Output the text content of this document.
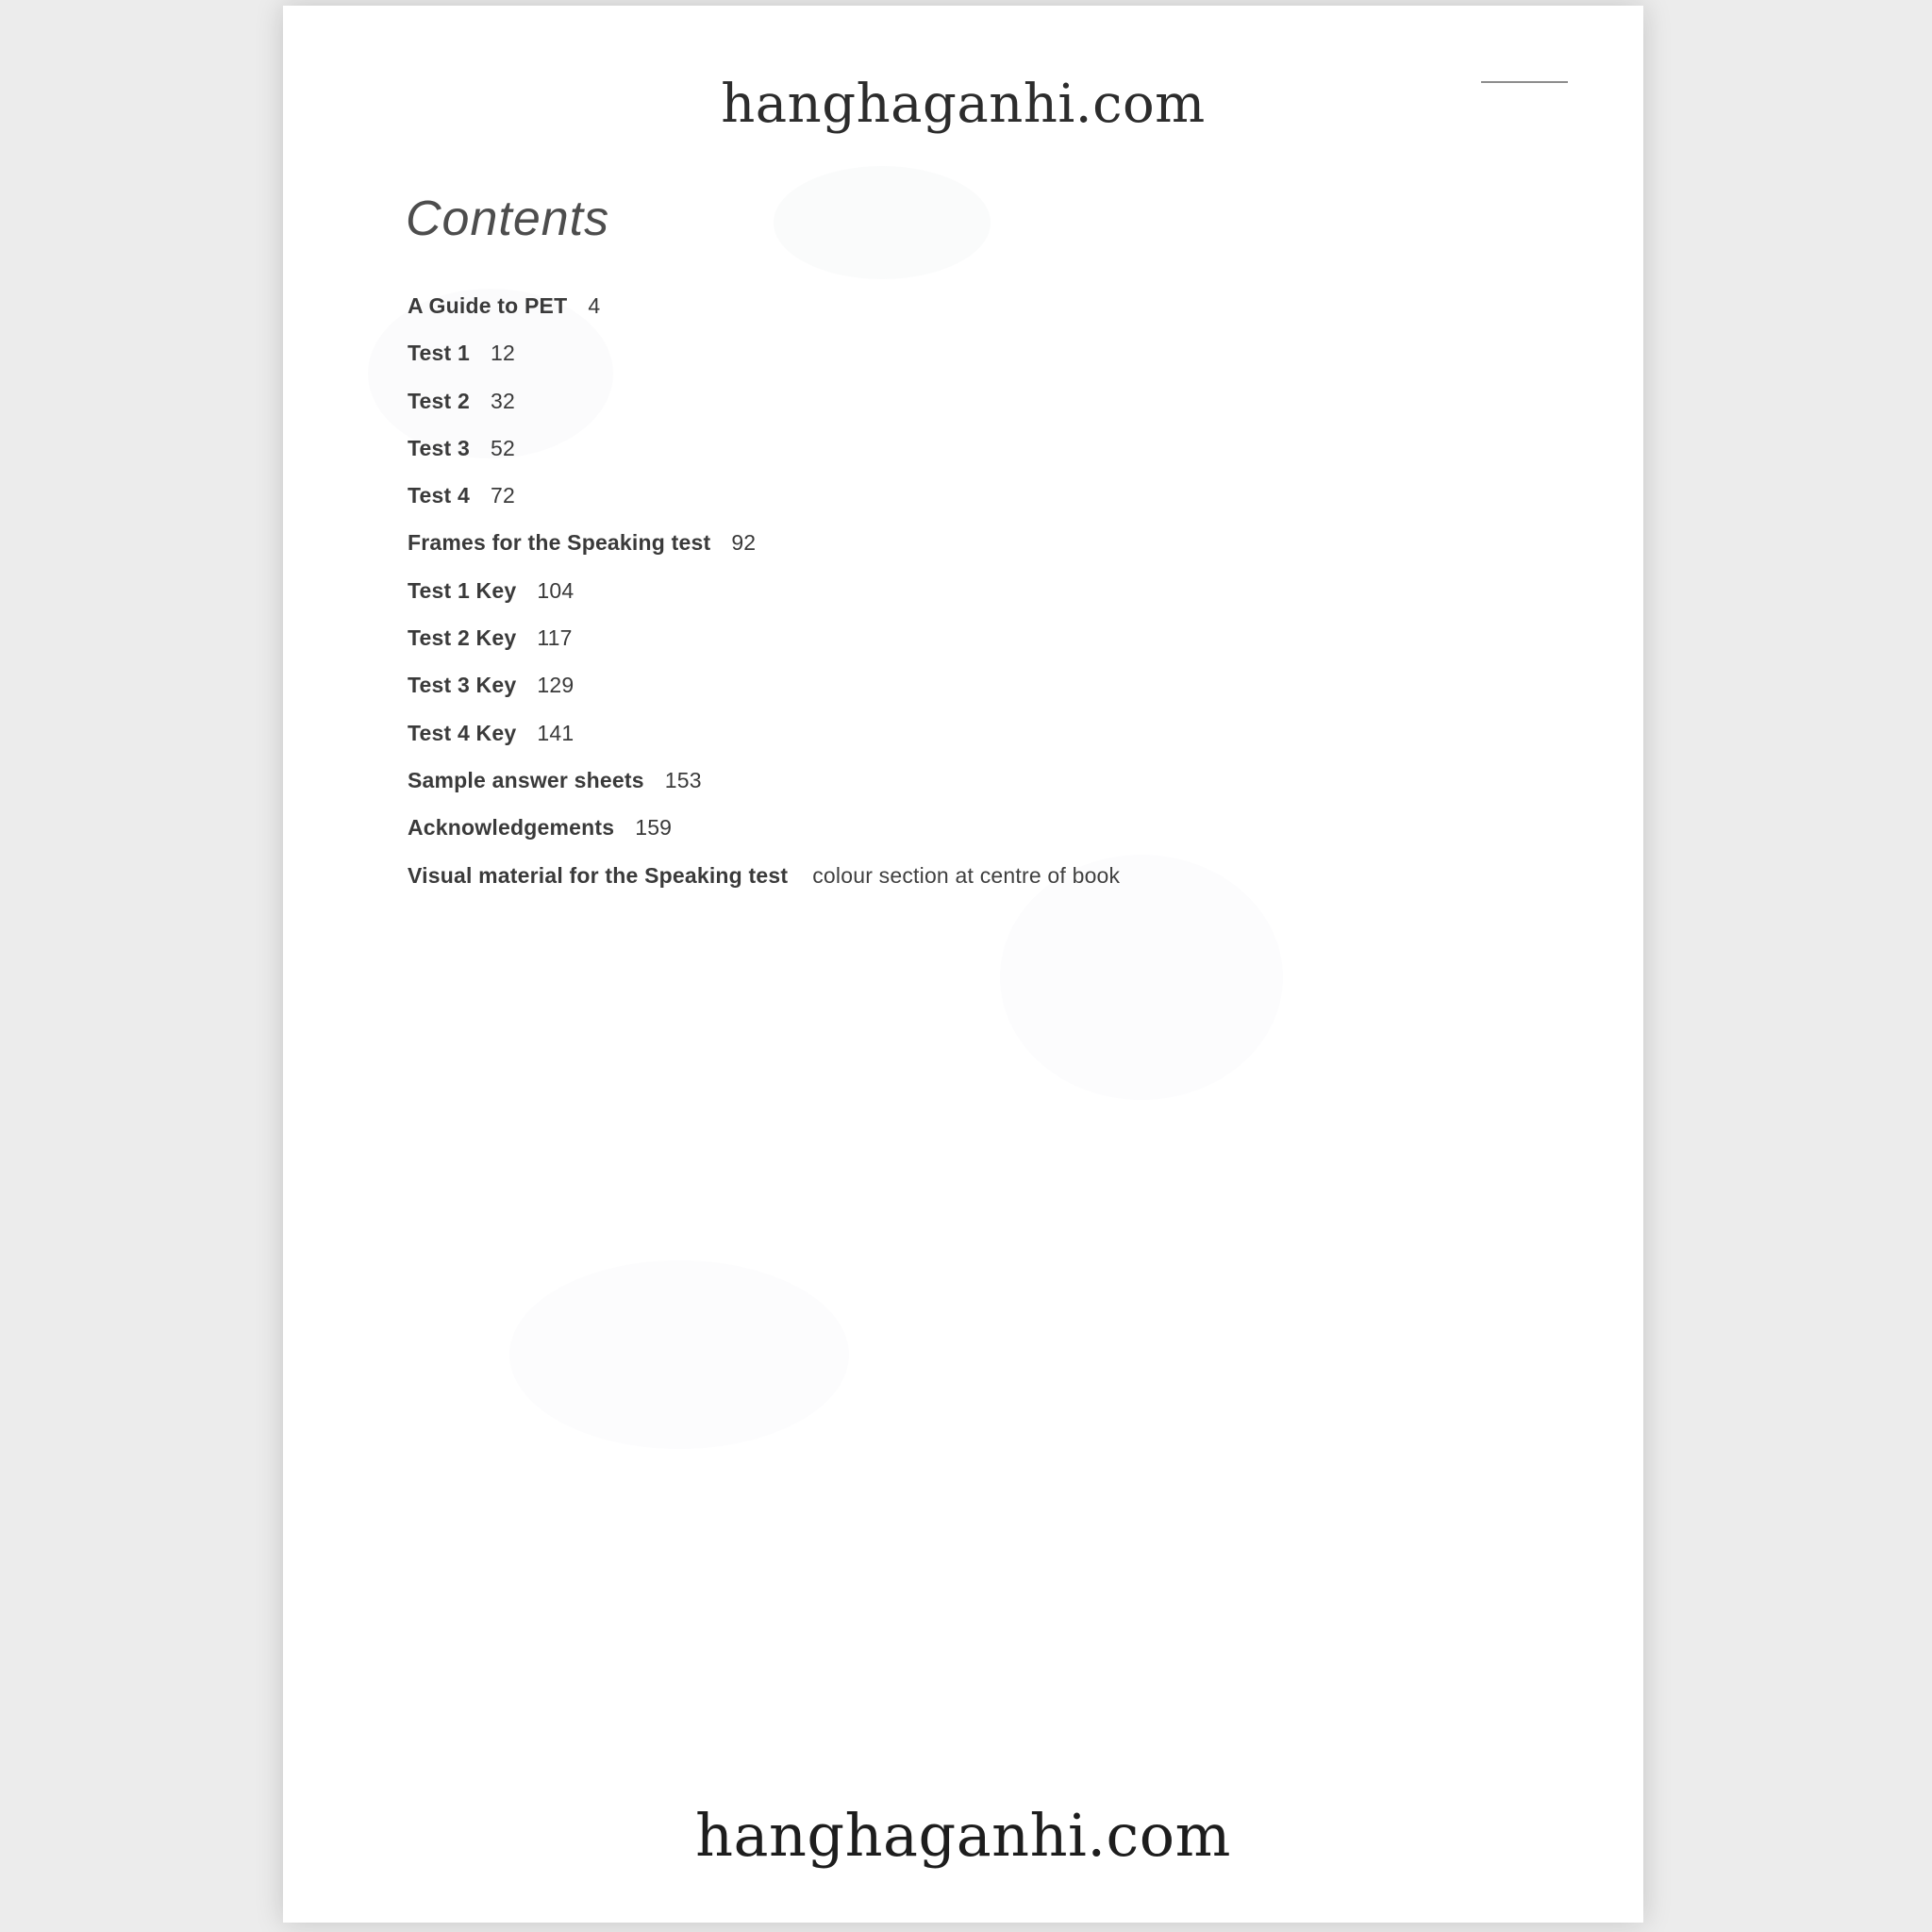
hanghaganhi.com
Contents
A Guide to PET 4
Test 1 12
Test 2 32
Test 3 52
Test 4 72
Frames for the Speaking test 92
Test 1 Key 104
Test 2 Key 117
Test 3 Key 129
Test 4 Key 141
Sample answer sheets 153
Acknowledgements 159
Visual material for the Speaking test colour section at centre of book
hanghaganhi.com
